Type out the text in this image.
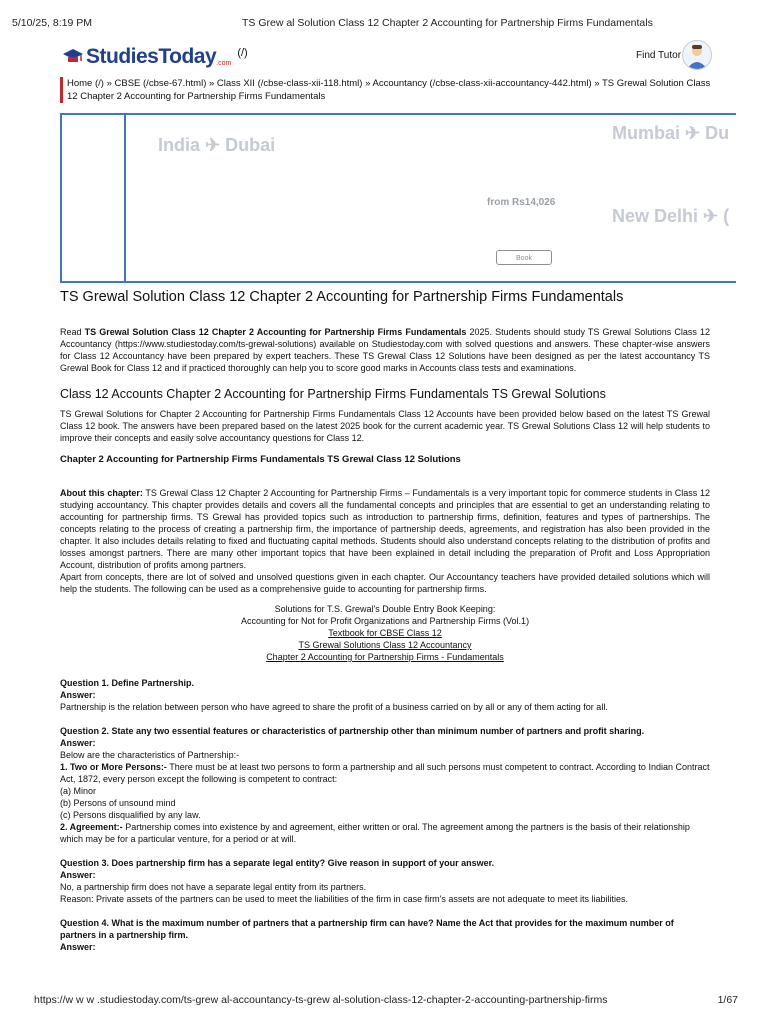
5/10/25, 8:19 PM	TS Grew al Solution Class 12 Chapter 2 Accounting for Partnership Firms Fundamentals
StudiesToday .com
(/)	Find Tutor
Home (/) » CBSE (/cbse-67.html) » Class XII (/cbse-class-xii-118.html) » Accountancy (/cbse-class-xii-accountancy-442.html) » TS Grewal Solution Class 12 Chapter 2 Accounting for Partnership Firms Fundamentals
India ✈ Dubai
Mumbai ✈ Du
from Rs14,026
New Delhi ✈ (
Book
TS Grewal Solution Class 12 Chapter 2 Accounting for Partnership Firms Fundamentals

Read TS Grewal Solution Class 12 Chapter 2 Accounting for Partnership Firms Fundamentals 2025. Students should study TS Grewal Solutions Class 12 Accountancy (https://www.studiestoday.com/ts-grewal-solutions) available on Studiestoday.com with solved questions and answers. These chapter-wise answers for Class 12 Accountancy have been prepared by expert teachers. These TS Grewal Class 12 Solutions have been designed as per the latest accountancy TS Grewal Book for Class 12 and if practiced thoroughly can help you to score good marks in Accounts class tests and examinations.

Class 12 Accounts Chapter 2 Accounting for Partnership Firms Fundamentals TS Grewal Solutions

TS Grewal Solutions for Chapter 2 Accounting for Partnership Firms Fundamentals Class 12 Accounts have been provided below based on the latest TS Grewal Class 12 book. The answers have been prepared based on the latest 2025 book for the current academic year. TS Grewal Solutions Class 12 will help students to improve their concepts and easily solve accountancy questions for Class 12.

Chapter 2 Accounting for Partnership Firms Fundamentals TS Grewal Class 12 Solutions

About this chapter: TS Grewal Class 12 Chapter 2 Accounting for Partnership Firms – Fundamentals is a very important topic for commerce students in Class 12 studying accountancy. This chapter provides details and covers all the fundamental concepts and principles that are essential to get an understanding relating to accounting for partnership firms. TS Grewal has provided topics such as introduction to partnership firms, definition, features and types of partnerships. The concepts relating to the process of creating a partnership firm, the importance of partnership deeds, agreements, and registration has also been provided in the chapter. It also includes details relating to fixed and fluctuating capital methods. Students should also understand concepts relating to the distribution of profits and losses amongst partners. There are many other important topics that have been explained in detail including the preparation of Profit and Loss Appropriation Account, distribution of profits among partners.

Apart from concepts, there are lot of solved and unsolved questions given in each chapter. Our Accountancy teachers have provided detailed solutions which will help the students. The following can be used as a comprehensive guide to accounting for partnership firms.

Solutions for T.S. Grewal's Double Entry Book Keeping:
Accounting for Not for Profit Organizations and Partnership Firms (Vol.1)
Textbook for CBSE Class 12
TS Grewal Solutions Class 12 Accountancy
Chapter 2 Accounting for Partnership Firms - Fundamentals
Question 1. Define Partnership.
Answer:
Partnership is the relation between person who have agreed to share the profit of a business carried on by all or any of them acting for all.
Question 2. State any two essential features or characteristics of partnership other than minimum number of partners and profit sharing.
Answer:
Below are the characteristics of Partnership:-
1. Two or More Persons:- There must be at least two persons to form a partnership and all such persons must competent to contract. According to Indian Contract Act, 1872, every person except the following is competent to contract:
(a) Minor
(b) Persons of unsound mind
(c) Persons disqualified by any law.
2. Agreement:- Partnership comes into existence by and agreement, either written or oral. The agreement among the partners is the basis of their relationship which may be for a particular venture, for a period or at will.
Question 3. Does partnership firm has a separate legal entity? Give reason in support of your answer.
Answer:
No, a partnership firm does not have a separate legal entity from its partners.
Reason: Private assets of the partners can be used to meet the liabilities of the firm in case firm's assets are not adequate to meet its liabilities.
Question 4. What is the maximum number of partners that a partnership firm can have? Name the Act that provides for the maximum number of partners in a partnership firm.
Answer:
https://w w w .studiestoday.com/ts-grew al-accountancy-ts-grew al-solution-class-12-chapter-2-accounting-partnership-firms	1/67
